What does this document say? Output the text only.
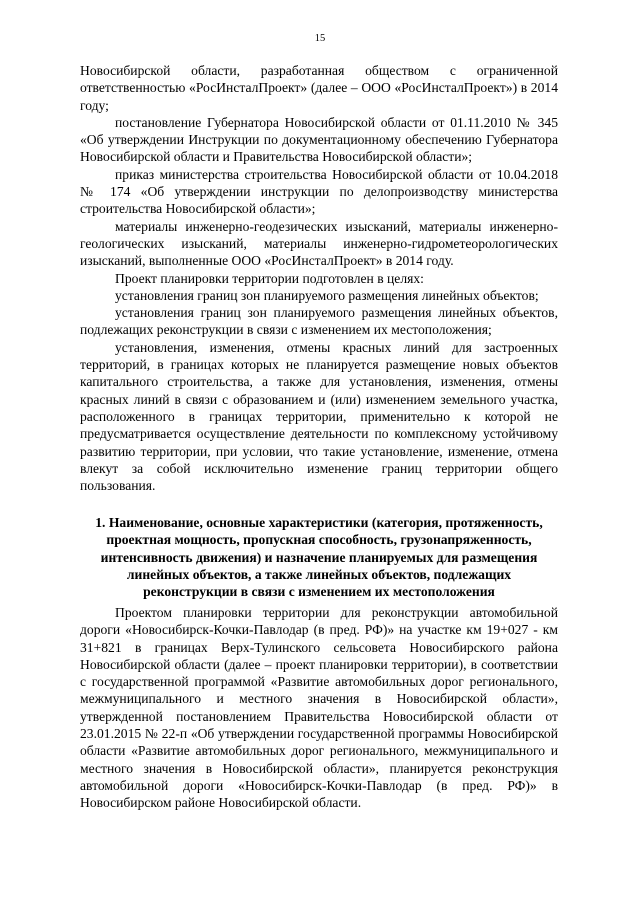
15

Новосибирской области, разработанная обществом с ограниченной ответственностью «РосИнсталПроект» (далее – ООО «РосИнсталПроект») в 2014 году;

постановление Губернатора Новосибирской области от 01.11.2010 № 345 «Об утверждении Инструкции по документационному обеспечению Губернатора Новосибирской области и Правительства Новосибирской области»;

приказ министерства строительства Новосибирской области от 10.04.2018 № 174 «Об утверждении инструкции по делопроизводству министерства строительства Новосибирской области»;

материалы инженерно-геодезических изысканий, материалы инженерно-геологических изысканий, материалы инженерно-гидрометеорологических изысканий, выполненные ООО «РосИнсталПроект» в 2014 году.

Проект планировки территории подготовлен в целях:

установления границ зон планируемого размещения линейных объектов;

установления границ зон планируемого размещения линейных объектов, подлежащих реконструкции в связи с изменением их местоположения;

установления, изменения, отмены красных линий для застроенных территорий, в границах которых не планируется размещение новых объектов капитального строительства, а также для установления, изменения, отмены красных линий в связи с образованием и (или) изменением земельного участка, расположенного в границах территории, применительно к которой не предусматривается осуществление деятельности по комплексному устойчивому развитию территории, при условии, что такие установление, изменение, отмена влекут за собой исключительно изменение границ территории общего пользования.

1. Наименование, основные характеристики (категория, протяженность, проектная мощность, пропускная способность, грузонапряженность, интенсивность движения) и назначение планируемых для размещения линейных объектов, а также линейных объектов, подлежащих реконструкции в связи с изменением их местоположения

Проектом планировки территории для реконструкции автомобильной дороги «Новосибирск-Кочки-Павлодар (в пред. РФ)» на участке км 19+027 - км 31+821 в границах Верх-Тулинского сельсовета Новосибирского района Новосибирской области (далее – проект планировки территории), в соответствии с государственной программой «Развитие автомобильных дорог регионального, межмуниципального и местного значения в Новосибирской области», утвержденной постановлением Правительства Новосибирской области от 23.01.2015 № 22-п «Об утверждении государственной программы Новосибирской области «Развитие автомобильных дорог регионального, межмуниципального и местного значения в Новосибирской области», планируется реконструкция автомобильной дороги «Новосибирск-Кочки-Павлодар (в пред. РФ)» в Новосибирском районе Новосибирской области.
